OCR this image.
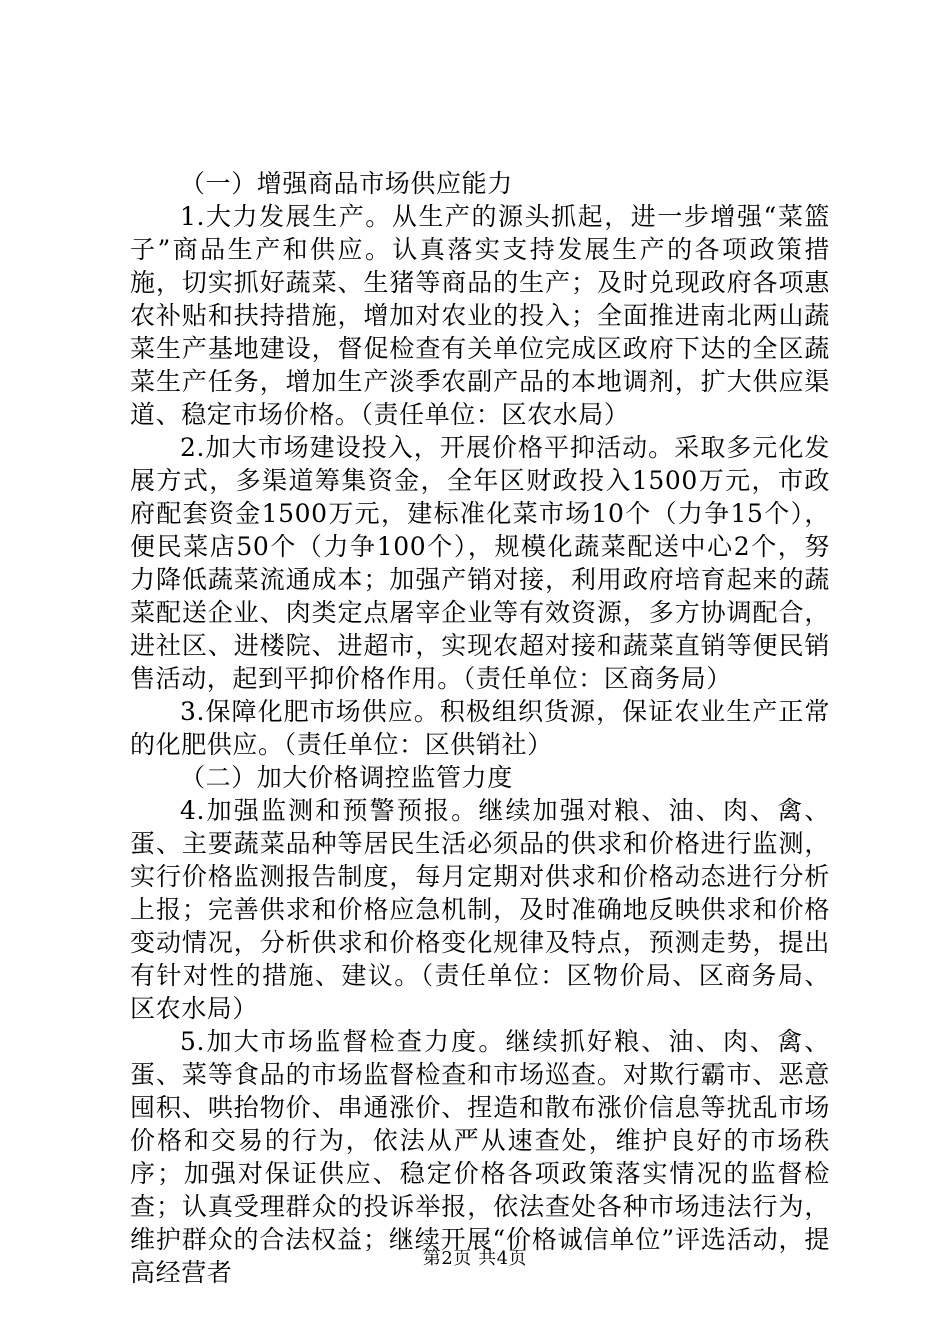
（一）增强商品市场供应能力

1.大力发展生产。从生产的源头抓起，进一步增强“菜篮子”商品生产和供应。认真落实支持发展生产的各项政策措施，切实抓好蔬菜、生猪等商品的生产；及时兑现政府各项惠农补贴和扶持措施，增加对农业的投入；全面推进南北两山蔬菜生产基地建设，督促检查有关单位完成区政府下达的全区蔬菜生产任务，增加生产淡季农副产品的本地调剂，扩大供应渠道、稳定市场价格。（责任单位：区农水局）

2.加大市场建设投入，开展价格平抑活动。采取多元化发展方式，多渠道筹集资金，全年区财政投入1500万元，市政府配套资金1500万元，建标准化菜市场10个（力争15个），便民菜店50个（力争100个），规模化蔬菜配送中心2个，努力降低蔬菜流通成本；加强产销对接，利用政府培育起来的蔬菜配送企业、肉类定点屠宰企业等有效资源，多方协调配合，进社区、进楼院、进超市，实现农超对接和蔬菜直销等便民销售活动，起到平抑价格作用。（责任单位：区商务局）

3.保障化肥市场供应。积极组织货源，保证农业生产正常的化肥供应。（责任单位：区供销社）

（二）加大价格调控监管力度

4.加强监测和预警预报。继续加强对粮、油、肉、禽、蛋、主要蔬菜品种等居民生活必须品的供求和价格进行监测，实行价格监测报告制度，每月定期对供求和价格动态进行分析上报；完善供求和价格应急机制，及时准确地反映供求和价格变动情况，分析供求和价格变化规律及特点，预测走势，提出有针对性的措施、建议。（责任单位：区物价局、区商务局、区农水局）

5.加大市场监督检查力度。继续抓好粮、油、肉、禽、蛋、菜等食品的市场监督检查和市场巡查。对欺行霸市、恶意囤积、哄抬物价、串通涨价、捏造和散布涨价信息等扰乱市场价格和交易的行为，依法从严从速查处，维护良好的市场秩序；加强对保证供应、稳定价格各项政策落实情况的监督检查；认真受理群众的投诉举报，依法查处各种市场违法行为，维护群众的合法权益；继续开展“价格诚信单位”评选活动，提高经营者	第2页 共4页
